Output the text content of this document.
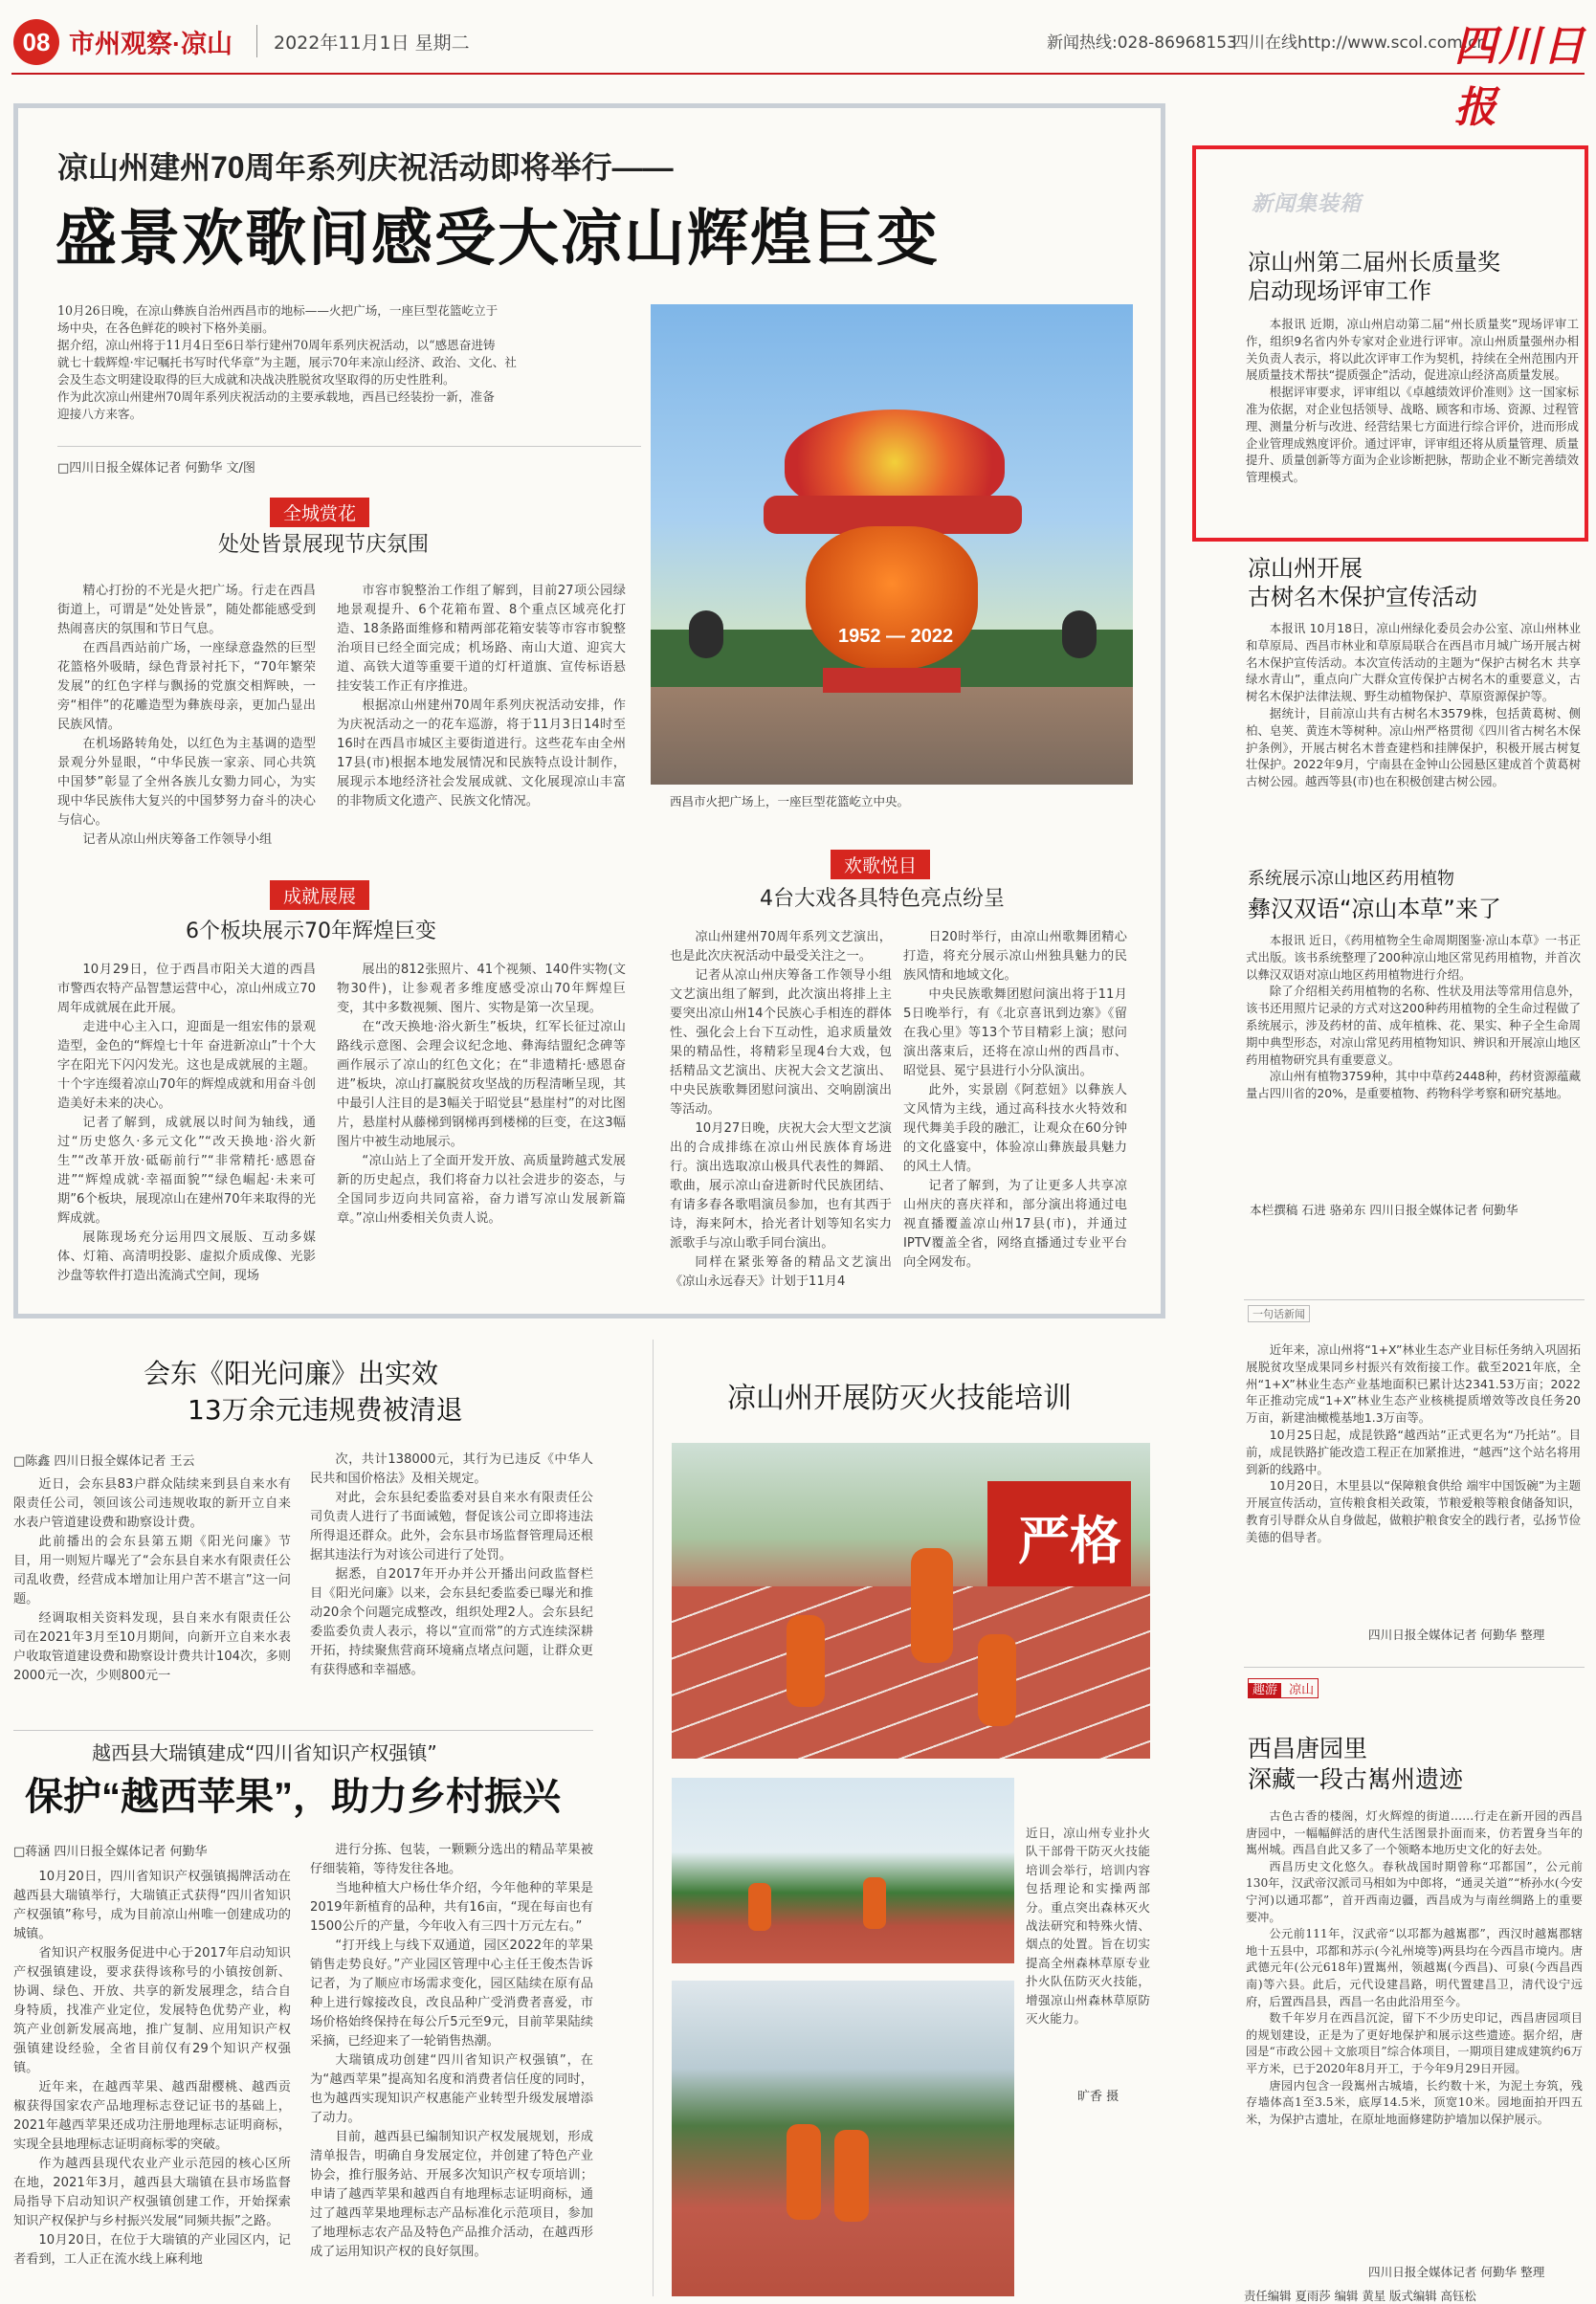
08 市州观察·凉山 2022年11月1日 星期二	新闻热线:028-86968153
四川在线http://www.scol.com.cn
四川日报
凉山州建州70周年系列庆祝活动即将举行——
盛景欢歌间感受大凉山辉煌巨变
10月26日晚，在凉山彝族自治州西昌市的地标——火把广场，一座巨型花篮屹立于
场中央，在各色鲜花的映衬下格外美丽。
据介绍，凉山州将于11月4日至6日举行建州70周年系列庆祝活动，以“感恩奋进铸
就七十载辉煌·牢记嘱托书写时代华章”为主题，展示70年来凉山经济、政治、文化、社
会及生态文明建设取得的巨大成就和决战决胜脱贫攻坚取得的历史性胜利。
作为此次凉山州建州70周年系列庆祝活动的主要承载地，西昌已经装扮一新，准备
迎接八方来客。
□四川日报全媒体记者 何勤华 文/图
1952 — 2022
西昌市火把广场上，一座巨型花篮屹立中央。
全城赏花
处处皆景展现节庆氛围

精心打扮的不光是火把广场。行走在西昌街道上，可谓是“处处皆景”，随处都能感受到热闹喜庆的氛围和节日气息。

在西昌西站前广场，一座绿意盎然的巨型花篮格外吸睛，绿色背景衬托下，“70年繁荣发展”的红色字样与飘扬的党旗交相辉映，一旁“相伴”的花雕造型为彝族母亲，更加凸显出民族风情。

在机场路转角处，以红色为主基调的造型景观分外显眼，“中华民族一家亲、同心共筑中国梦”彰显了全州各族儿女勠力同心，为实现中华民族伟大复兴的中国梦努力奋斗的决心与信心。

记者从凉山州庆筹备工作领导小组

市容市貌整治工作组了解到，目前27项公园绿地景观提升、6个花箱布置、8个重点区域亮化打造、18条路面维修和精两部花箱安装等市容市貌整治项目已经全面完成；机场路、南山大道、迎宾大道、高铁大道等重要干道的灯杆道旗、宣传标语悬挂安装工作正有序推进。

根据凉山州建州70周年系列庆祝活动安排，作为庆祝活动之一的花车巡游，将于11月3日14时至16时在西昌市城区主要街道进行。这些花车由全州17县(市)根据本地发展情况和民族特点设计制作，展现示本地经济社会发展成就、文化展现凉山丰富的非物质文化遗产、民族文化情况。

成就展展
6个板块展示70年辉煌巨变

10月29日，位于西昌市阳关大道的西昌市警西农特产品智慧运营中心，凉山州成立70周年成就展在此开展。

走进中心主入口，迎面是一组宏伟的景观造型，金色的“辉煌七十年 奋进新凉山”十个大字在阳光下闪闪发光。这也是成就展的主题。十个字连缀着凉山70年的辉煌成就和用奋斗创造美好未来的决心。

记者了解到，成就展以时间为轴线，通过“历史悠久·多元文化”“改天换地·浴火新生”“改革开放·砥砺前行”“非常精托·感恩奋进”“辉煌成就·幸福面貌”“绿色崛起·未来可期”6个板块，展现凉山在建州70年来取得的光辉成就。

展陈现场充分运用四文展版、互动多媒体、灯箱、高清明投影、虚拟介质成像、光影沙盘等软件打造出流淌式空间，现场

展出的812张照片、41个视频、140件实物(文物30件)，让参观者多维度感受凉山70年辉煌巨变，其中多数视频、图片、实物是第一次呈现。

在“改天换地·浴火新生”板块，红军长征过凉山路线示意图、会理会议纪念地、彝海结盟纪念碑等画作展示了凉山的红色文化；在“非遗精托·感恩奋进”板块，凉山打赢脱贫攻坚战的历程清晰呈现，其中最引人注目的是3幅关于昭觉县“悬崖村”的对比图片，悬崖村从藤梯到钢梯再到楼梯的巨变，在这3幅图片中被生动地展示。

“凉山站上了全面开发开放、高质量跨越式发展新的历史起点，我们将奋力以社会进步的姿态，与全国同步迈向共同富裕，奋力谱写凉山发展新篇章。”凉山州委相关负责人说。

欢歌悦目
4台大戏各具特色亮点纷呈

凉山州建州70周年系列文艺演出，也是此次庆祝活动中最受关注之一。

记者从凉山州庆筹备工作领导小组文艺演出组了解到，此次演出将排上主要突出凉山州14个民族心手相连的群体性、强化会上台下互动性，追求质量效果的精品性，将精彩呈现4台大戏，包括精品文艺演出、庆祝大会文艺演出、中央民族歌舞团慰问演出、交响剧演出等活动。

10月27日晚，庆祝大会大型文艺演出的合成排练在凉山州民族体育场进行。演出选取凉山极具代表性的舞蹈、歌曲，展示凉山奋进新时代民族团结、有请多春各歌唱演员参加，也有其西于诗，海来阿木，拾光者计划等知名实力派歌手与凉山歌手同台演出。

同样在紧张筹备的精品文艺演出《凉山永远春天》计划于11月4

日20时举行，由凉山州歌舞团精心打造，将充分展示凉山州独具魅力的民族风情和地域文化。

中央民族歌舞团慰问演出将于11月5日晚举行，有《北京喜讯到边寨》《留在我心里》等13个节目精彩上演；慰问演出落束后，还将在凉山州的西昌市、昭觉县、冕宁县进行小分队演出。

此外，实景剧《阿惹妞》以彝族人文风情为主线，通过高科技水火特效和现代舞美手段的融汇，让观众在60分钟的文化盛宴中，体验凉山彝族最具魅力的风土人情。

记者了解到，为了让更多人共享凉山州庆的喜庆祥和，部分演出将通过电视直播覆盖凉山州17县(市)，并通过IPTV覆盖全省，网络直播通过专业平台向全网发布。

会东《阳光问廉》出实效
13万余元违规费被清退
□陈鑫 四川日报全媒体记者 王云

近日，会东县83户群众陆续来到县自来水有限责任公司，领回该公司违规收取的新开立自来水表户管道建设费和勘察设计费。

此前播出的会东县第五期《阳光问廉》节目，用一则短片曝光了“会东县自来水有限责任公司乱收费，经营成本增加让用户苦不堪言”这一问题。

经调取相关资料发现，县自来水有限责任公司在2021年3月至10月期间，向新开立自来水表户收取管道建设费和勘察设计费共计104次，多则2000元一次，少则800元一

次，共计138000元，其行为已违反《中华人民共和国价格法》及相关规定。

对此，会东县纪委监委对县自来水有限责任公司负责人进行了书面诫勉，督促该公司立即将违法所得退还群众。此外，会东县市场监督管理局还根据其违法行为对该公司进行了处罚。

据悉，自2017年开办并公开播出问政监督栏目《阳光问廉》以来，会东县纪委监委已曝光和推动20余个问题完成整改，组织处理2人。会东县纪委监委负责人表示，将以“宣而常”的方式连续深耕开拓，持续聚焦营商环境痛点堵点问题，让群众更有获得感和幸福感。

越西县大瑞镇建成“四川省知识产权强镇”
保护“越西苹果”，助力乡村振兴
□蒋涵 四川日报全媒体记者 何勤华

10月20日，四川省知识产权强镇揭牌活动在越西县大瑞镇举行，大瑞镇正式获得“四川省知识产权强镇”称号，成为目前凉山州唯一创建成功的城镇。

省知识产权服务促进中心于2017年启动知识产权强镇建设，要求获得该称号的小镇按创新、协调、绿色、开放、共享的新发展理念，结合自身特质，找准产业定位，发展特色优势产业，构筑产业创新发展高地，推广复制、应用知识产权强镇建设经验，全省目前仅有29个知识产权强镇。

近年来，在越西苹果、越西甜樱桃、越西贡椒获得国家农产品地理标志登记证书的基础上，2021年越西苹果还成功注册地理标志证明商标，实现全县地理标志证明商标零的突破。

作为越西县现代农业产业示范园的核心区所在地，2021年3月，越西县大瑞镇在县市场监督局指导下启动知识产权强镇创建工作，开始探索知识产权保护与乡村振兴发展“同频共振”之路。

10月20日，在位于大瑞镇的产业园区内，记者看到，工人正在流水线上麻利地

进行分拣、包装，一颗颗分选出的精品苹果被仔细装箱，等待发往各地。

当地种植大户杨仕华介绍，今年他种的苹果是2019年新植育的品种，共有16亩，“现在每亩也有1500公斤的产量，今年收入有三四十万元左右。”

“打开线上与线下双通道，园区2022年的苹果销售走势良好。”产业园区管理中心主任王俊杰告诉记者，为了顺应市场需求变化，园区陆续在原有品种上进行嫁接改良，改良品种广受消费者喜爱，市场价格始终保持在每公斤5元至9元，目前苹果陆续采摘，已经迎来了一轮销售热潮。

大瑞镇成功创建“四川省知识产权强镇”，在为“越西苹果”提高知名度和消费者信任度的同时，也为越西实现知识产权惠能产业转型升级发展增添了动力。

目前，越西县已编制知识产权发展规划，形成清单报告，明确自身发展定位，并创建了特色产业协会，推行服务站、开展多次知识产权专项培训；申请了越西苹果和越西自有地理标志证明商标，通过了越西苹果地理标志产品标准化示范项目，参加了地理标志农产品及特色产品推介活动，在越西形成了运用知识产权的良好氛围。

凉山州开展防灭火技能培训
严格
近日，凉山州专业扑火队干部骨干防灭火技能培训会举行，培训内容包括理论和实操两部分。重点突出森林灭火战法研究和特殊火情、烟点的处置。旨在切实提高全州森林草原专业扑火队伍防灭火技能，增强凉山州森林草原防灭火能力。
旷香 摄
新闻集装箱
凉山州第二届州长质量奖
启动现场评审工作

本报讯 近期，凉山州启动第二届“州长质量奖”现场评审工作，组织9名省内外专家对企业进行评审。凉山州质量强州办相关负责人表示，将以此次评审工作为契机，持续在全州范围内开展质量技术帮扶“提质强企”活动，促进凉山经济高质量发展。

根据评审要求，评审组以《卓越绩效评价准则》这一国家标准为依据，对企业包括领导、战略、顾客和市场、资源、过程管理、测量分析与改进、经营结果七方面进行综合评价，进而形成企业管理成熟度评价。通过评审，评审组还将从质量管理、质量提升、质量创新等方面为企业诊断把脉，帮助企业不断完善绩效管理模式。

凉山州开展
古树名木保护宣传活动

本报讯 10月18日，凉山州绿化委员会办公室、凉山州林业和草原局、西昌市林业和草原局联合在西昌市月城广场开展古树名木保护宣传活动。本次宣传活动的主题为“保护古树名木 共享绿水青山”，重点向广大群众宣传保护古树名木的重要意义，古树名木保护法律法规、野生动植物保护、草原资源保护等。

据统计，目前凉山共有古树名木3579株，包括黄葛树、侧柏、皂荚、黄连木等树种。凉山州严格贯彻《四川省古树名木保护条例》，开展古树名木普查建档和挂牌保护，积极开展古树复壮保护。2022年9月，宁南县在金钟山公园悬区建成首个黄葛树古树公园。越西等县(市)也在积极创建古树公园。

系统展示凉山地区药用植物
彝汉双语“凉山本草”来了

本报讯 近日，《药用植物全生命周期图鉴·凉山本草》一书正式出版。该书系统整理了200种凉山地区常见药用植物，并首次以彝汉双语对凉山地区药用植物进行介绍。

除了介绍相关药用植物的名称、性状及用法等常用信息外，该书还用照片记录的方式对这200种药用植物的全生命过程做了系统展示，涉及药材的苗、成年植株、花、果实、种子全生命周期中典型形态，对凉山常见药用植物知识、辨识和开展凉山地区药用植物研究具有重要意义。

凉山州有植物3759种，其中中草药2448种，药材资源蕴藏量占四川省的20%，是重要植物、药物科学考察和研究基地。

本栏撰稿 石进 骆弟东 四川日报全媒体记者 何勤华
一句话新闻

近年来，凉山州将“1+X”林业生态产业目标任务纳入巩固拓展脱贫攻坚成果同乡村振兴有效衔接工作。截至2021年底，全州“1+X”林业生态产业基地面积已累计达2341.53万亩；2022年正推动完成“1+X”林业生态产业核桃提质增效等改良任务20万亩，新建油橄榄基地1.3万亩等。

10月25日起，成昆铁路“越西站”正式更名为“乃托站”。目前，成昆铁路扩能改造工程正在加紧推进，“越西”这个站名将用到新的线路中。

10月20日，木里县以“保障粮食供给 端牢中国饭碗”为主题开展宣传活动，宣传粮食相关政策，节粮爱粮等粮食储备知识，教育引导群众从自身做起，做粮护粮食安全的践行者，弘扬节俭美德的倡导者。

四川日报全媒体记者 何勤华 整理
趣游 凉山
西昌唐园里
深藏一段古嶲州遗迹

古色古香的楼阁，灯火辉煌的街道……行走在新开园的西昌唐园中，一幅幅鲜活的唐代生活图景扑面而来，仿若置身当年的嶲州城。西昌自此又多了一个领略本地历史文化的好去处。

西昌历史文化悠久。春秋战国时期曾称“邛都国”，公元前130年，汉武帝汉派司马相如为中郎将，“通灵关道”“桥孙水(今安宁河)以通邛都”，首开西南边疆，西昌成为与南丝绸路上的重要要冲。

公元前111年，汉武帝“以邛都为越嶲郡”，西汉时越嶲郡辖地十五县中，邛都和苏示(今礼州境等)两县均在今西昌市境内。唐武德元年(公元618年)置嶲州，领越嶲(今西昌)、可泉(今西昌西南)等六县。此后，元代设建昌路，明代置建昌卫，清代设宁远府，后置西昌县，西昌一名由此沿用至今。

数千年岁月在西昌沉淀，留下不少历史印记，西昌唐园项目的规划建设，正是为了更好地保护和展示这些遗迹。据介绍，唐园是“市政公园＋文旅项目”综合体项目，一期项目建成建筑约6万平方米，已于2020年8月开工，于今年9月29日开园。

唐园内包含一段嶲州古城墙，长约数十米，为泥土夯筑，残存墙体高1至3.5米，底厚14.5米，顶宽10米。园地面拍开四五米，为保护古遗址，在原址地面修建防护墙加以保护展示。

四川日报全媒体记者 何勤华 整理
责任编辑 夏雨莎 编辑 黄星 版式编辑 高钰松
